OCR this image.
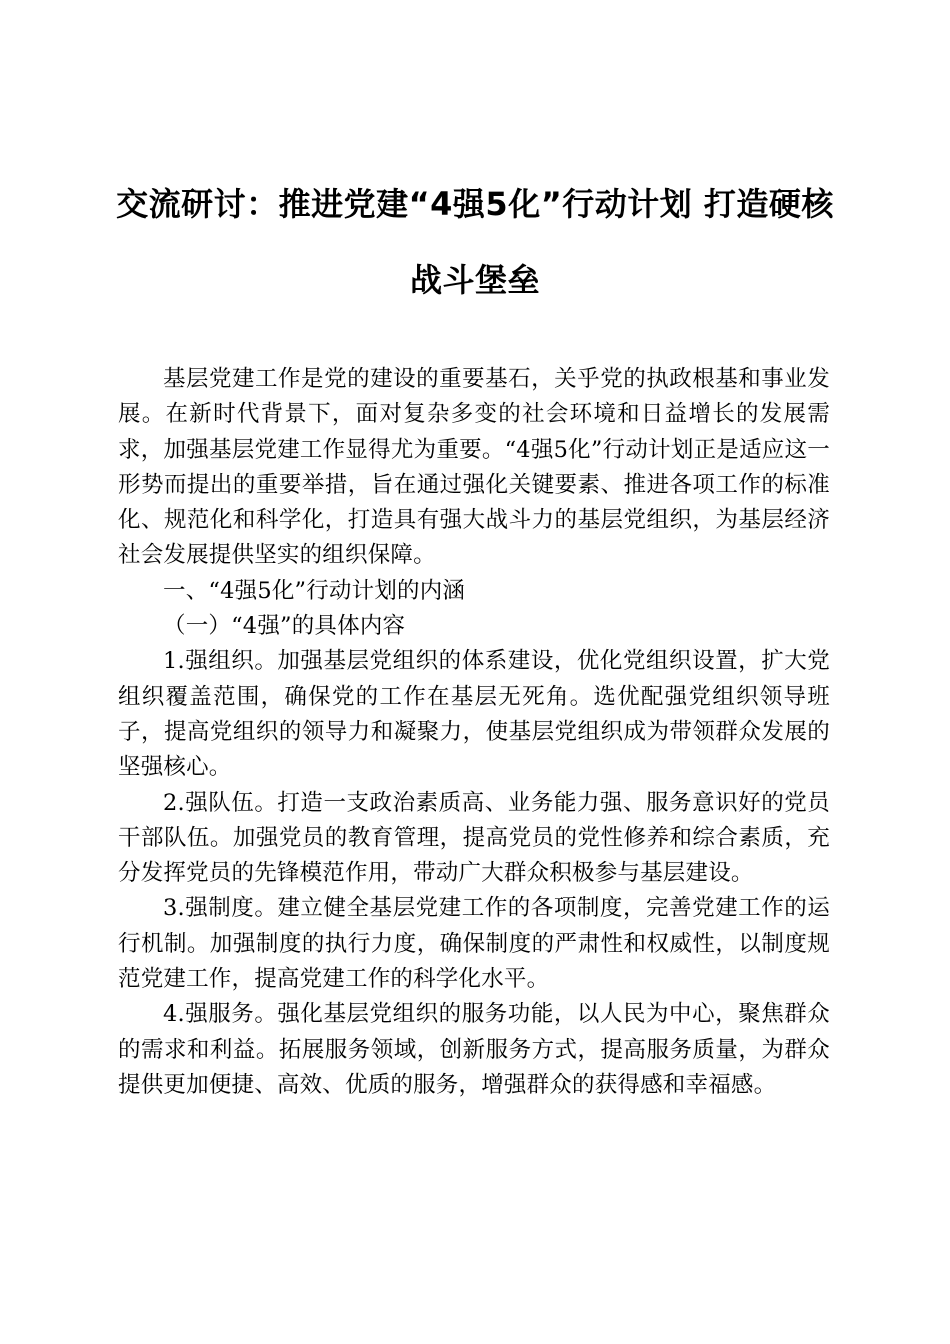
交流研讨：推进党建“4强5化”行动计划 打造硬核战斗堡垒

基层党建工作是党的建设的重要基石，关乎党的执政根基和事业发展。在新时代背景下，面对复杂多变的社会环境和日益增长的发展需求，加强基层党建工作显得尤为重要。“4强5化”行动计划正是适应这一形势而提出的重要举措，旨在通过强化关键要素、推进各项工作的标准化、规范化和科学化，打造具有强大战斗力的基层党组织，为基层经济社会发展提供坚实的组织保障。

一、“4强5化”行动计划的内涵

（一）“4强”的具体内容

1.强组织。加强基层党组织的体系建设，优化党组织设置，扩大党组织覆盖范围，确保党的工作在基层无死角。选优配强党组织领导班子，提高党组织的领导力和凝聚力，使基层党组织成为带领群众发展的坚强核心。

2.强队伍。打造一支政治素质高、业务能力强、服务意识好的党员干部队伍。加强党员的教育管理，提高党员的党性修养和综合素质，充分发挥党员的先锋模范作用，带动广大群众积极参与基层建设。

3.强制度。建立健全基层党建工作的各项制度，完善党建工作的运行机制。加强制度的执行力度，确保制度的严肃性和权威性，以制度规范党建工作，提高党建工作的科学化水平。

4.强服务。强化基层党组织的服务功能，以人民为中心，聚焦群众的需求和利益。拓展服务领域，创新服务方式，提高服务质量，为群众提供更加便捷、高效、优质的服务，增强群众的获得感和幸福感。
